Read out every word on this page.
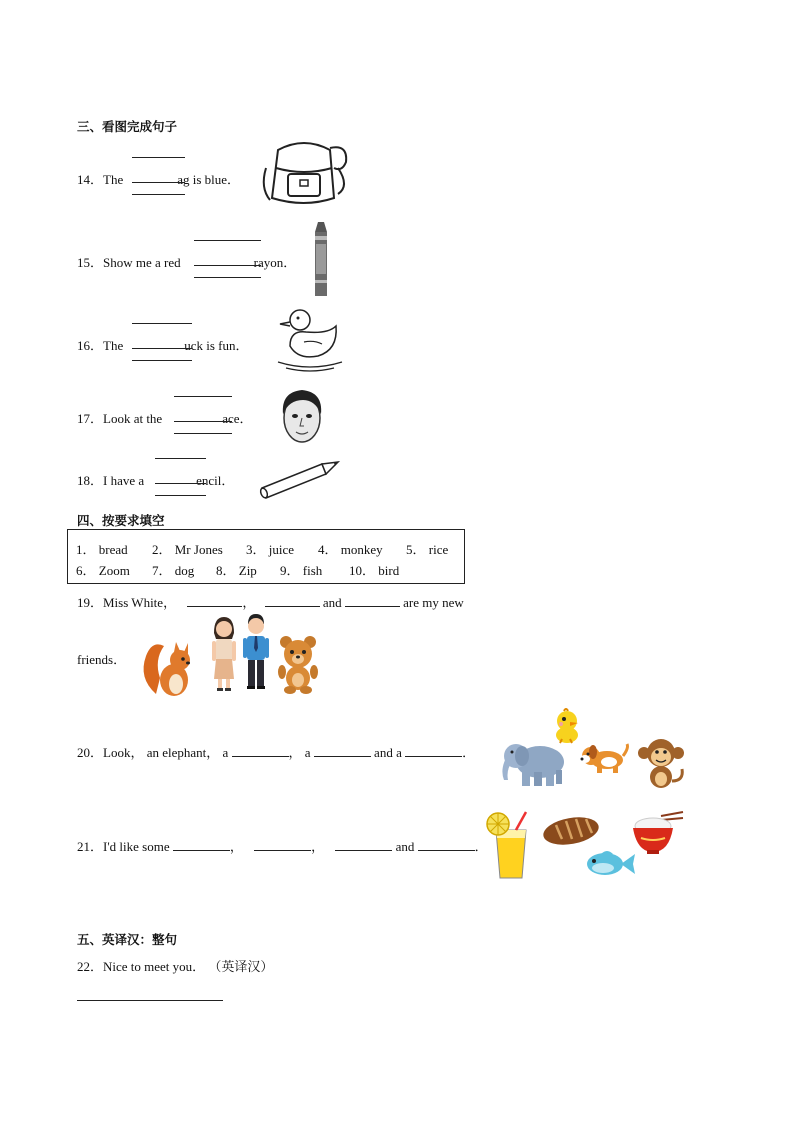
三、看图完成句子
14．The	ag is blue．
15．Show me a red	rayon．
16．The	uck is fun．
17．Look at the	ace．
18．I have a	encil．
四、按要求填空
1． bread 2． Mr Jones 3． juice 4． monkey 5． rice
6． Zoom 7． dog 8． Zip 9． fish 10． bird
19．Miss White，	，	and	are my new
friends．
20．Look， an elephant， a	， a	and a	．
21．I'd like some	，	，	and	．
五、英译汉：整句
22．Nice to meet you． （英译汉）
